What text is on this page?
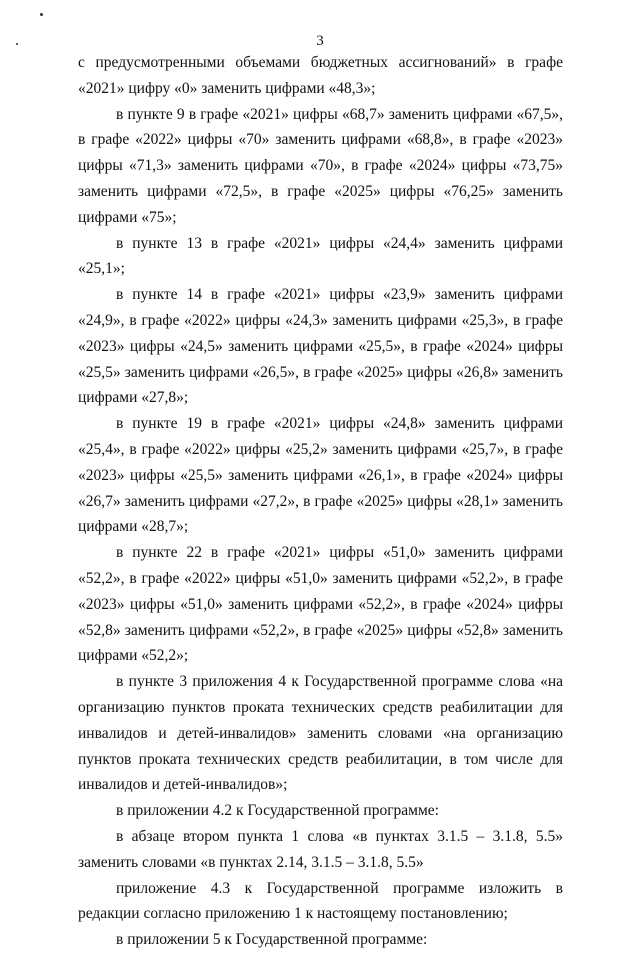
3

с предусмотренными объемами бюджетных ассигнований» в графе «2021» цифру «0» заменить цифрами «48,3»;

в пункте 9 в графе «2021» цифры «68,7» заменить цифрами «67,5», в графе «2022» цифры «70» заменить цифрами «68,8», в графе «2023» цифры «71,3» заменить цифрами «70», в графе «2024» цифры «73,75» заменить цифрами «72,5», в графе «2025» цифры «76,25» заменить цифрами «75»;

в пункте 13 в графе «2021» цифры «24,4» заменить цифрами «25,1»;

в пункте 14 в графе «2021» цифры «23,9» заменить цифрами «24,9», в графе «2022» цифры «24,3» заменить цифрами «25,3», в графе «2023» цифры «24,5» заменить цифрами «25,5», в графе «2024» цифры «25,5» заменить цифрами «26,5», в графе «2025» цифры «26,8» заменить цифрами «27,8»;

в пункте 19 в графе «2021» цифры «24,8» заменить цифрами «25,4», в графе «2022» цифры «25,2» заменить цифрами «25,7», в графе «2023» цифры «25,5» заменить цифрами «26,1», в графе «2024» цифры «26,7» заменить цифрами «27,2», в графе «2025» цифры «28,1» заменить цифрами «28,7»;

в пункте 22 в графе «2021» цифры «51,0» заменить цифрами «52,2», в графе «2022» цифры «51,0» заменить цифрами «52,2», в графе «2023» цифры «51,0» заменить цифрами «52,2», в графе «2024» цифры «52,8» заменить цифрами «52,2», в графе «2025» цифры «52,8» заменить цифрами «52,2»;

в пункте 3 приложения 4 к Государственной программе слова «на организацию пунктов проката технических средств реабилитации для инвалидов и детей-инвалидов» заменить словами «на организацию пунктов проката технических средств реабилитации, в том числе для инвалидов и детей-инвалидов»;

в приложении 4.2 к Государственной программе:

в абзаце втором пункта 1 слова «в пунктах 3.1.5 – 3.1.8, 5.5» заменить словами «в пунктах 2.14, 3.1.5 – 3.1.8, 5.5»

приложение 4.3 к Государственной программе изложить в редакции согласно приложению 1 к настоящему постановлению;

в приложении 5 к Государственной программе:
